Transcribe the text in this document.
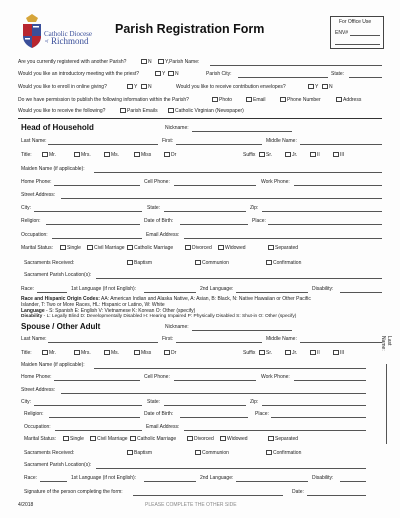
Catholic Diocese
of Richmond
Parish Registration Form	For Office Use
ENV#
Are you currently registered with another Parish?	N	Y,Parish Name:
Would you like an introductory meeting with the priest?	Y	N	Parish City:	State:
Would you like to enroll in online giving?	Y	N	Would you like to receive contribution envelopes?	Y	N
Do we have permission to publish the following information within the Parish?	Photo	Email	Phone Number	Address
Would you like to receive the following?	Parish Emails	Catholic Virginian (Newspaper)
Head of Household	Nickname:
Last Name:	First:	Middle Name:
Title:	Mr.	Mrs.	Ms.	Miss	Dr	Suffix	Sr.	Jr.	II	III
Maiden Name (if applicable):
Home Phone:	Cell Phone:	Work Phone:
Street Address:
City:	State:	Zip:
Religion:	Date of Birth:	Place:
Occupation:	Email Address:
Marital Status:	Single	Civil Marriage	Catholic Marriage	Divorced	Widowed	Separated
Sacraments Received:	Baptism	Communion	Confirmation
Sacrament Parish Location(s):
Race:	1st Language (if not English):	2nd Language:	Disability:
Race and Hispanic Origin Codes: AA: American Indian and Alaska Native, A: Asian, B: Black, N: Native Hawaiian or Other Pacific
Islander, T: Two or More Races, HL: Hispanic or Latino, W: White
Language - S: Spanish E: English V: Vietnamese K: Korean O: Other (specify)
Disability - L: Legally Blind D: Developmentally Disabled H: Hearing Impaired P: Physically Disabled S: Shut-in O: Other (specify)
Spouse / Other Adult	Nickname:
Last Name:	First:	Middle Name:
Title:	Mr.	Mrs.	Ms.	Miss	Dr	Suffix	Sr.	Jr.	II	III
Maiden Name (if applicable):
Home Phone:	Cell Phone:	Work Phone:
Street Address:
City:	State:	Zip:
Religion:	Date of Birth:	Place:
Occupation:	Email Address:
Marital Status:	Single	Civil Marriage	Catholic Marriage	Divorced	Widowed	Separated
Sacraments Received:	Baptism	Communion	Confirmation
Sacrament Parish Location(s):
Race:	1st Language (if not English):	2nd Language:	Disability:
Signature of the person completing the form:	Date:
4/2018	PLEASE COMPLETE THE OTHER SIDE
Last Name:
